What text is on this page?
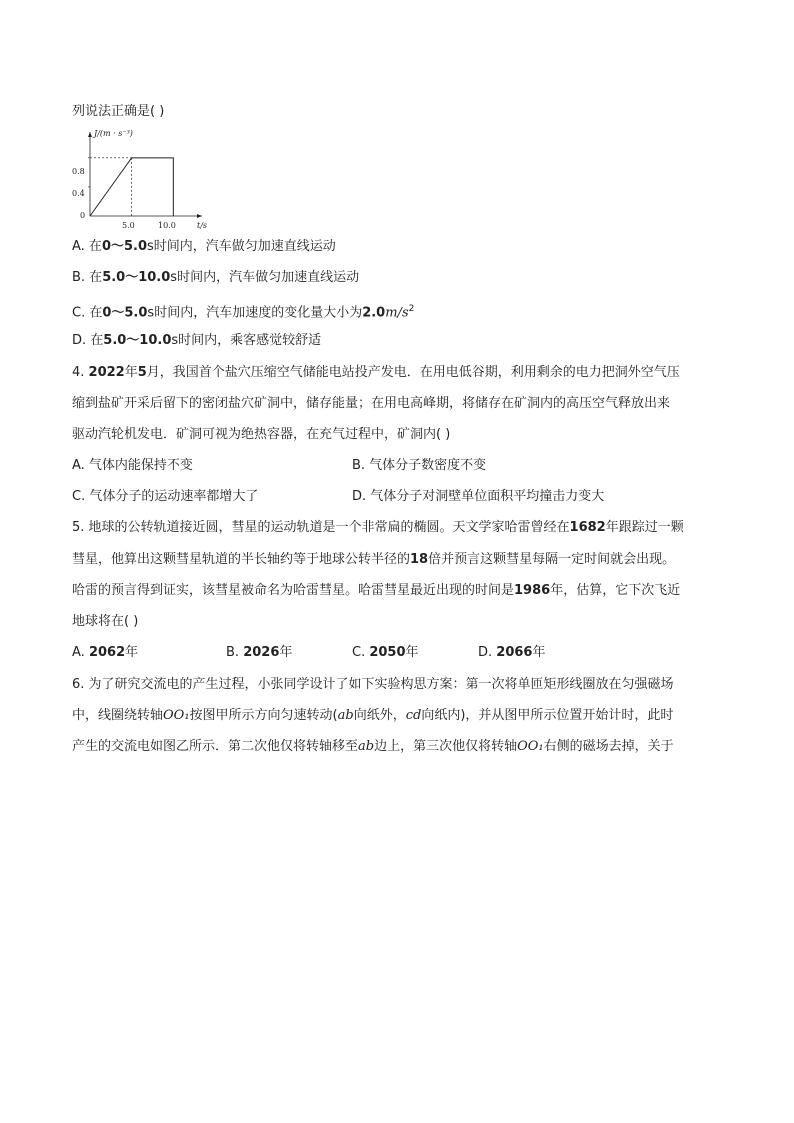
列说法正确是( )
J/(m · s⁻³)
t/s
0.8
0.4
0
5.0	10.0
A. 在0～5.0s时间内，汽车做匀加速直线运动
B. 在5.0～10.0s时间内，汽车做匀加速直线运动
C. 在0～5.0s时间内，汽车加速度的变化量大小为$2.0m/s^2$
D. 在5.0～10.0s时间内，乘客感觉较舒适
4. 2022年5月，我国首个盐穴压缩空气储能电站投产发电．在用电低谷期，利用剩余的电力把洞外空气压
缩到盐矿开采后留下的密闭盐穴矿洞中，储存能量；在用电高峰期，将储存在矿洞内的高压空气释放出来
驱动汽轮机发电．矿洞可视为绝热容器，在充气过程中，矿洞内( )
A. 气体内能保持不变	B. 气体分子数密度不变
C. 气体分子的运动速率都增大了	D. 气体分子对洞壁单位面积平均撞击力变大
5. 地球的公转轨道接近圆，彗星的运动轨道是一个非常扁的椭圆。天文学家哈雷曾经在1682年跟踪过一颗
彗星，他算出这颗彗星轨道的半长轴约等于地球公转半径的18倍并预言这颗彗星每隔一定时间就会出现。
哈雷的预言得到证实，该彗星被命名为哈雷彗星。哈雷彗星最近出现的时间是1986年，估算，它下次飞近
地球将在( )
A. 2062年	B. 2026年	C. 2050年	D. 2066年
6. 为了研究交流电的产生过程，小张同学设计了如下实验构思方案：第一次将单匝矩形线圈放在匀强磁场
中，线圈绕转轴OO₁按图甲所示方向匀速转动(ab向纸外，cd向纸内)，并从图甲所示位置开始计时，此时
产生的交流电如图乙所示．第二次他仅将转轴移至ab边上，第三次他仅将转轴OO₁右侧的磁场去掉，关于
